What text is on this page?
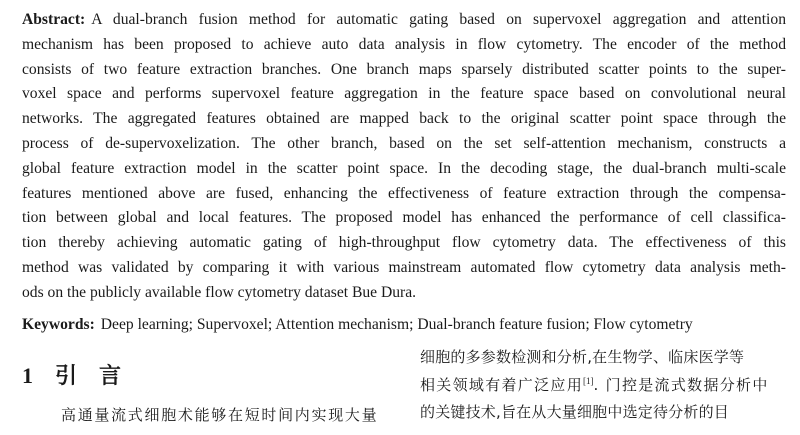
Abstract: A dual-branch fusion method for automatic gating based on supervoxel aggregation and attention
mechanism has been proposed to achieve auto data analysis in flow cytometry. The encoder of the method
consists of two feature extraction branches. One branch maps sparsely distributed scatter points to the super-
voxel space and performs supervoxel feature aggregation in the feature space based on convolutional neural
networks. The aggregated features obtained are mapped back to the original scatter point space through the
process of de-supervoxelization. The other branch, based on the set self-attention mechanism, constructs a
global feature extraction model in the scatter point space. In the decoding stage, the dual-branch multi-scale
features mentioned above are fused, enhancing the effectiveness of feature extraction through the compensa-
tion between global and local features. The proposed model has enhanced the performance of cell classifica-
tion thereby achieving automatic gating of high-throughput flow cytometry data. The effectiveness of this
method was validated by comparing it with various mainstream automated flow cytometry data analysis meth-
ods on the publicly available flow cytometry dataset Bue Dura.
Keywords: Deep learning; Supervoxel; Attention mechanism; Dual-branch feature fusion; Flow cytometry
1 引言
高通量流式细胞术能够在短时间内实现大量
细胞的多参数检测和分析,在生物学、临床医学等
相关领域有着广泛应用[1]. 门控是流式数据分析中
的关键技术,旨在从大量细胞中选定待分析的目
